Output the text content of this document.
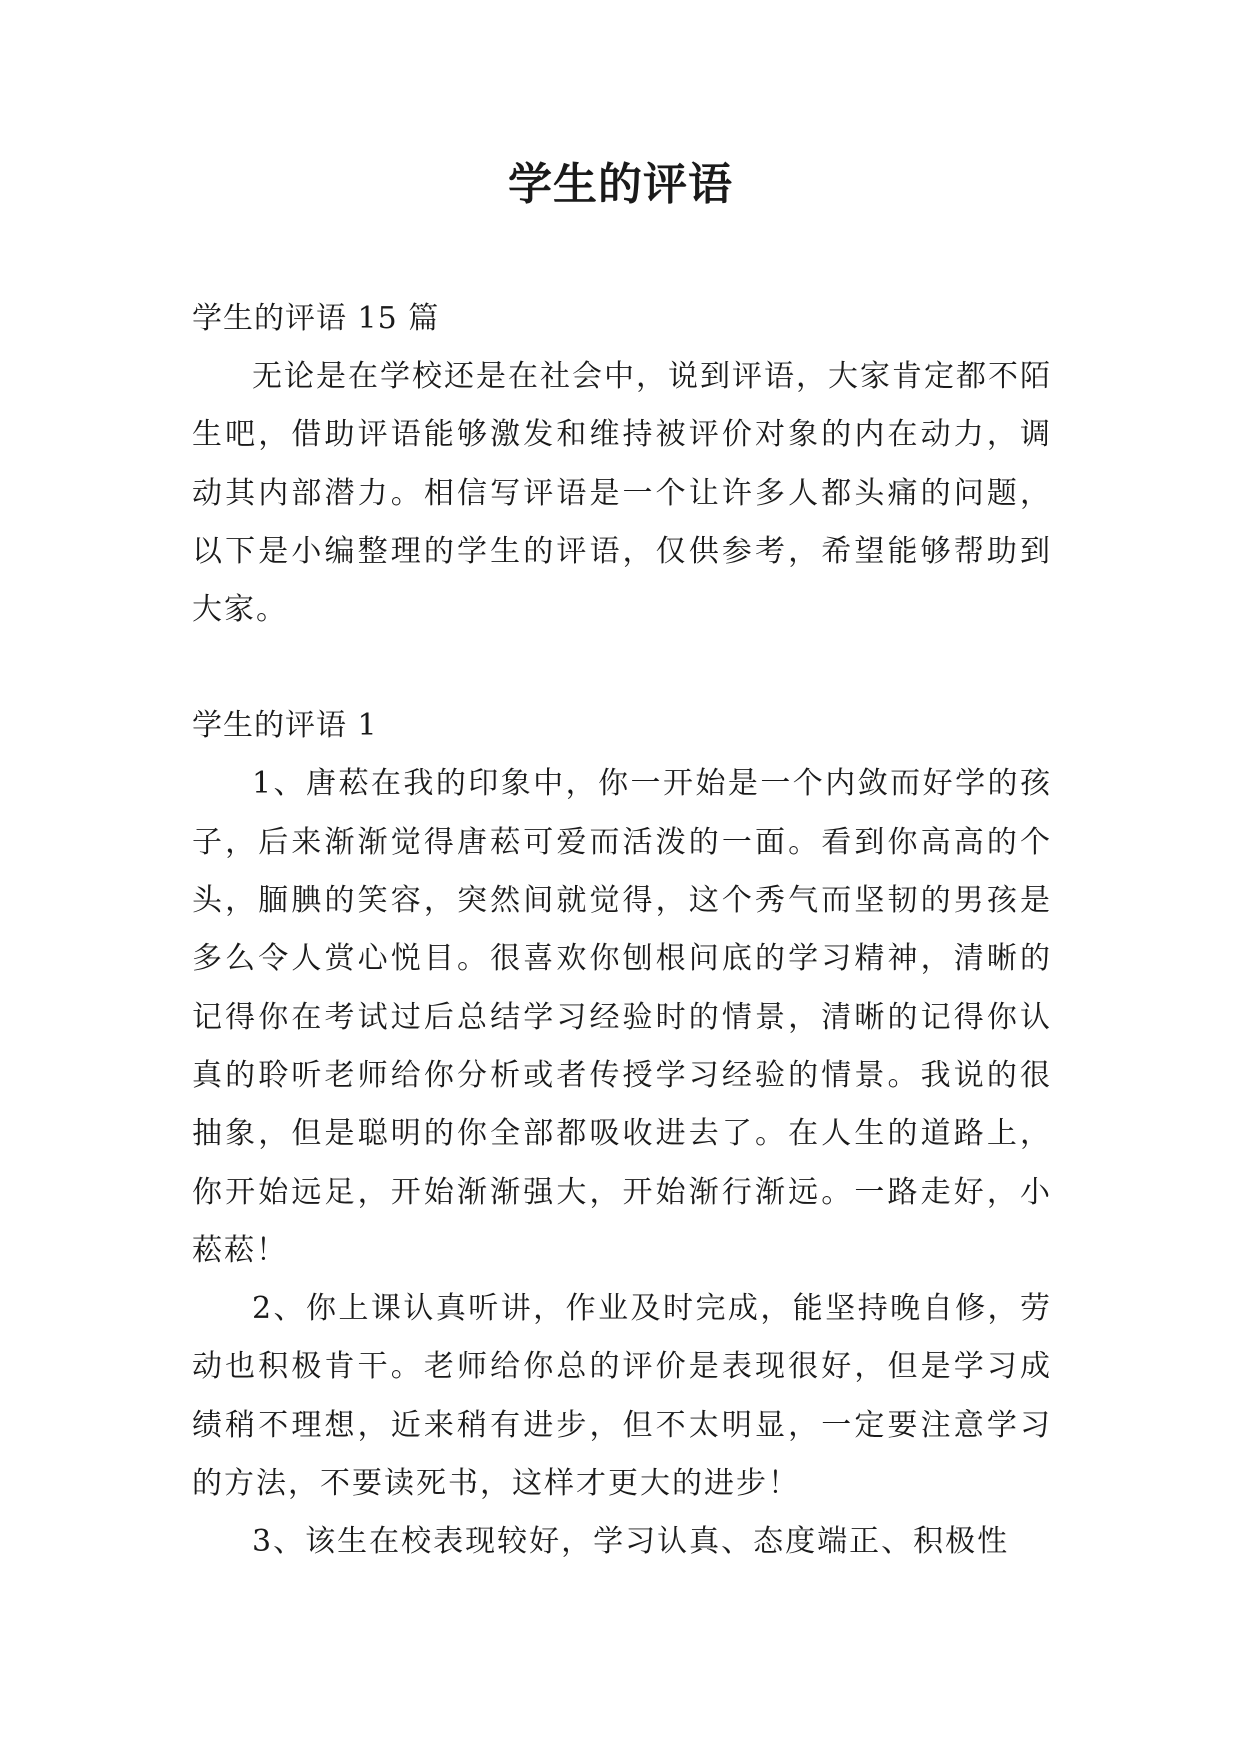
学生的评语

学生的评语 15 篇

无论是在学校还是在社会中，说到评语，大家肯定都不陌生吧，借助评语能够激发和维持被评价对象的内在动力，调动其内部潜力。相信写评语是一个让许多人都头痛的问题，以下是小编整理的学生的评语，仅供参考，希望能够帮助到大家。

学生的评语 1

1、唐菘在我的印象中，你一开始是一个内敛而好学的孩子，后来渐渐觉得唐菘可爱而活泼的一面。看到你高高的个头，腼腆的笑容，突然间就觉得，这个秀气而坚韧的男孩是多么令人赏心悦目。很喜欢你刨根问底的学习精神，清晰的记得你在考试过后总结学习经验时的情景，清晰的记得你认真的聆听老师给你分析或者传授学习经验的情景。我说的很抽象，但是聪明的你全部都吸收进去了。在人生的道路上，你开始远足，开始渐渐强大，开始渐行渐远。一路走好，小菘菘！

2、你上课认真听讲，作业及时完成，能坚持晚自修，劳动也积极肯干。老师给你总的评价是表现很好，但是学习成绩稍不理想，近来稍有进步，但不太明显，一定要注意学习的方法，不要读死书，这样才更大的进步！

3、该生在校表现较好，学习认真、态度端正、积极性
